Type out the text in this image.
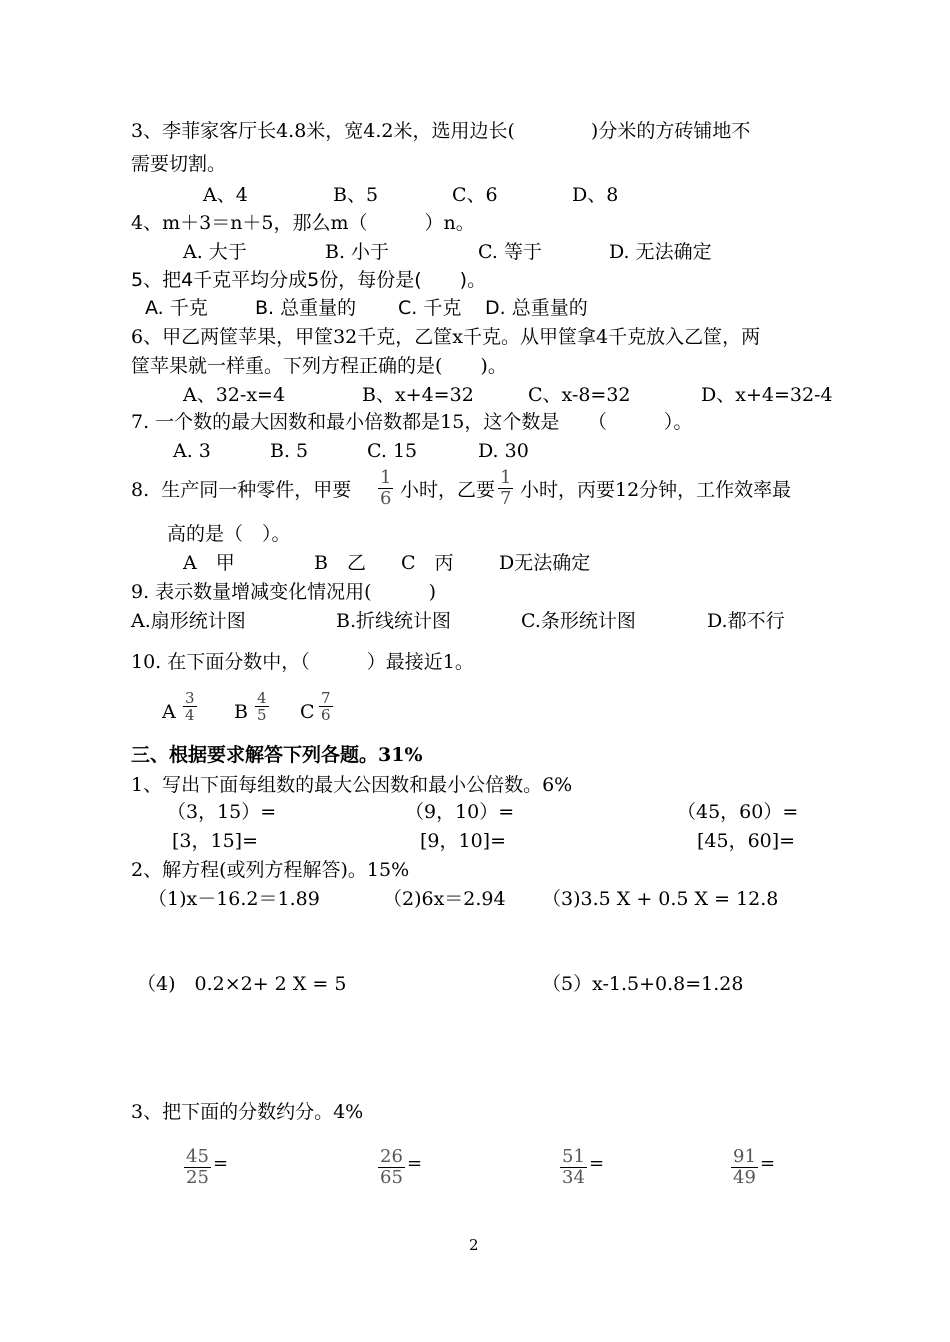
3、李菲家客厅长4.8米，宽4.2米，选用边长(　　　　)分米的方砖铺地不
需要切割。
A、4	B、5	C、6	D、8
4、m＋3＝n＋5，那么m（　　　）n。
A. 大于	B. 小于	C. 等于	D. 无法确定
5、把4千克平均分成5份，每份是(　　)。
A. 千克 B. 总重量的 C. 千克 D. 总重量的
6、甲乙两筐苹果，甲筐32千克，乙筐x千克。从甲筐拿4千克放入乙筐，两
筐苹果就一样重。下列方程正确的是(　　)。
A、32-x=4	B、x+4=32	C、x-8=32	D、x+4=32-4
7. 一个数的最大因数和最小倍数都是15，这个数是　　（　　　）。
A. 3	B. 5	C. 15	D. 30
8.  生产同一种零件，甲要 $\frac{1}{6}$ 小时，乙要 $\frac{1}{7}$ 小时，丙要12分钟，工作效率最
高的是（　）。
A　甲	B　乙 C　丙 D无法确定
9. 表示数量增减变化情况用(　　　)
A.扇形统计图	B.折线统计图	C.条形统计图	D.都不行
10. 在下面分数中，（　　　）最接近1。
A $\frac{3}{4}$ B $\frac{4}{5}$ C $\frac{7}{6}$
三、根据要求解答下列各题。31%
1、写出下面每组数的最大公因数和最小公倍数。6%
（3，15）=	（9，10）=	（45，60）=
[3，15]=	[9，10]=	[45，60]=
2、解方程(或列方程解答)。15%
（1)x－16.2＝1.89	（2)6x＝2.94 （3)3.5 X + 0.5 X = 12.8
（4)　0.2×2+ 2 X = 5	（5）x-1.5+0.8=1.28
3、把下面的分数约分。4%
$\frac{45}{25}$ =	$\frac{26}{65}$ =	$\frac{51}{34}$ =	$\frac{91}{49}$ =
2
